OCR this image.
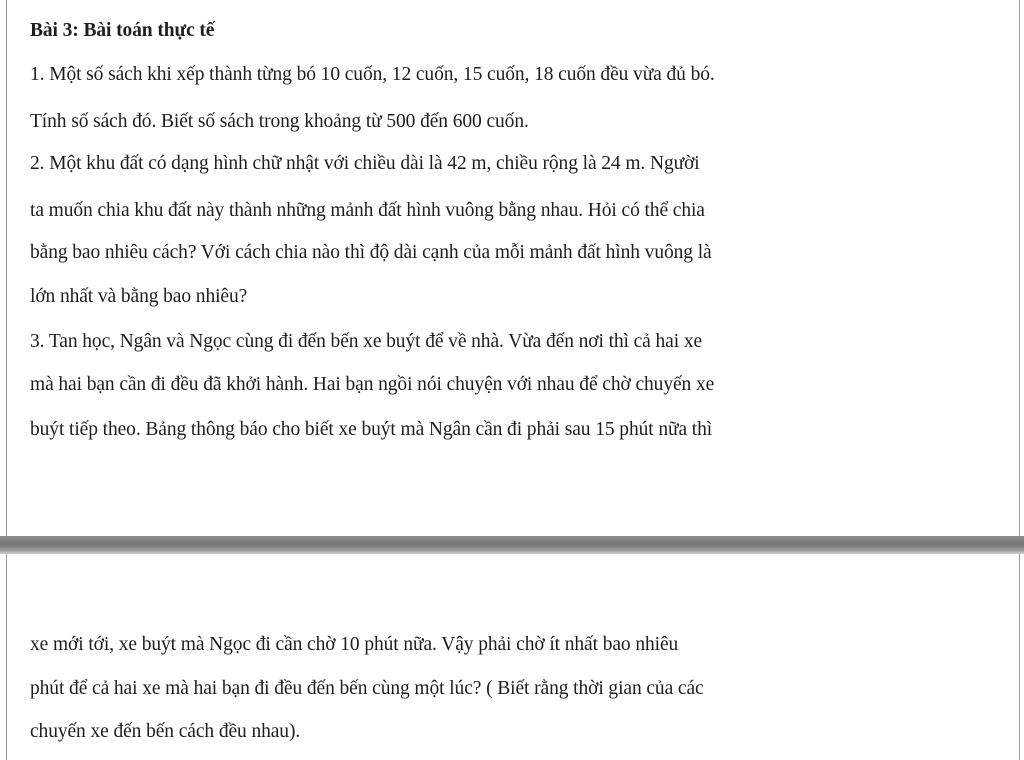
Bài 3: Bài toán thực tế
1. Một số sách khi xếp thành từng bó 10 cuốn, 12 cuốn, 15 cuốn, 18 cuốn đều vừa đủ bó.
Tính số sách đó. Biết số sách trong khoảng từ 500 đến 600 cuốn.
2. Một khu đất có dạng hình chữ nhật với chiều dài là 42 m, chiều rộng là 24 m. Người
ta muốn chia khu đất này thành những mảnh đất hình vuông bằng nhau. Hỏi có thể chia
bằng bao nhiêu cách? Với cách chia nào thì độ dài cạnh của mỗi mảnh đất hình vuông là
lớn nhất và bằng bao nhiêu?
3. Tan học, Ngân và Ngọc cùng đi đến bến xe buýt để về nhà. Vừa đến nơi thì cả hai xe
mà hai bạn cần đi đều đã khởi hành. Hai bạn ngồi nói chuyện với nhau để chờ chuyến xe
buýt tiếp theo. Bảng thông báo cho biết xe buýt mà Ngân cần đi phải sau 15 phút nữa thì
xe mới tới, xe buýt mà Ngọc đi cần chờ 10 phút nữa. Vậy phải chờ ít nhất bao nhiêu
phút để cả hai xe mà hai bạn đi đều đến bến cùng một lúc? ( Biết rằng thời gian của các
chuyến xe đến bến cách đều nhau).
